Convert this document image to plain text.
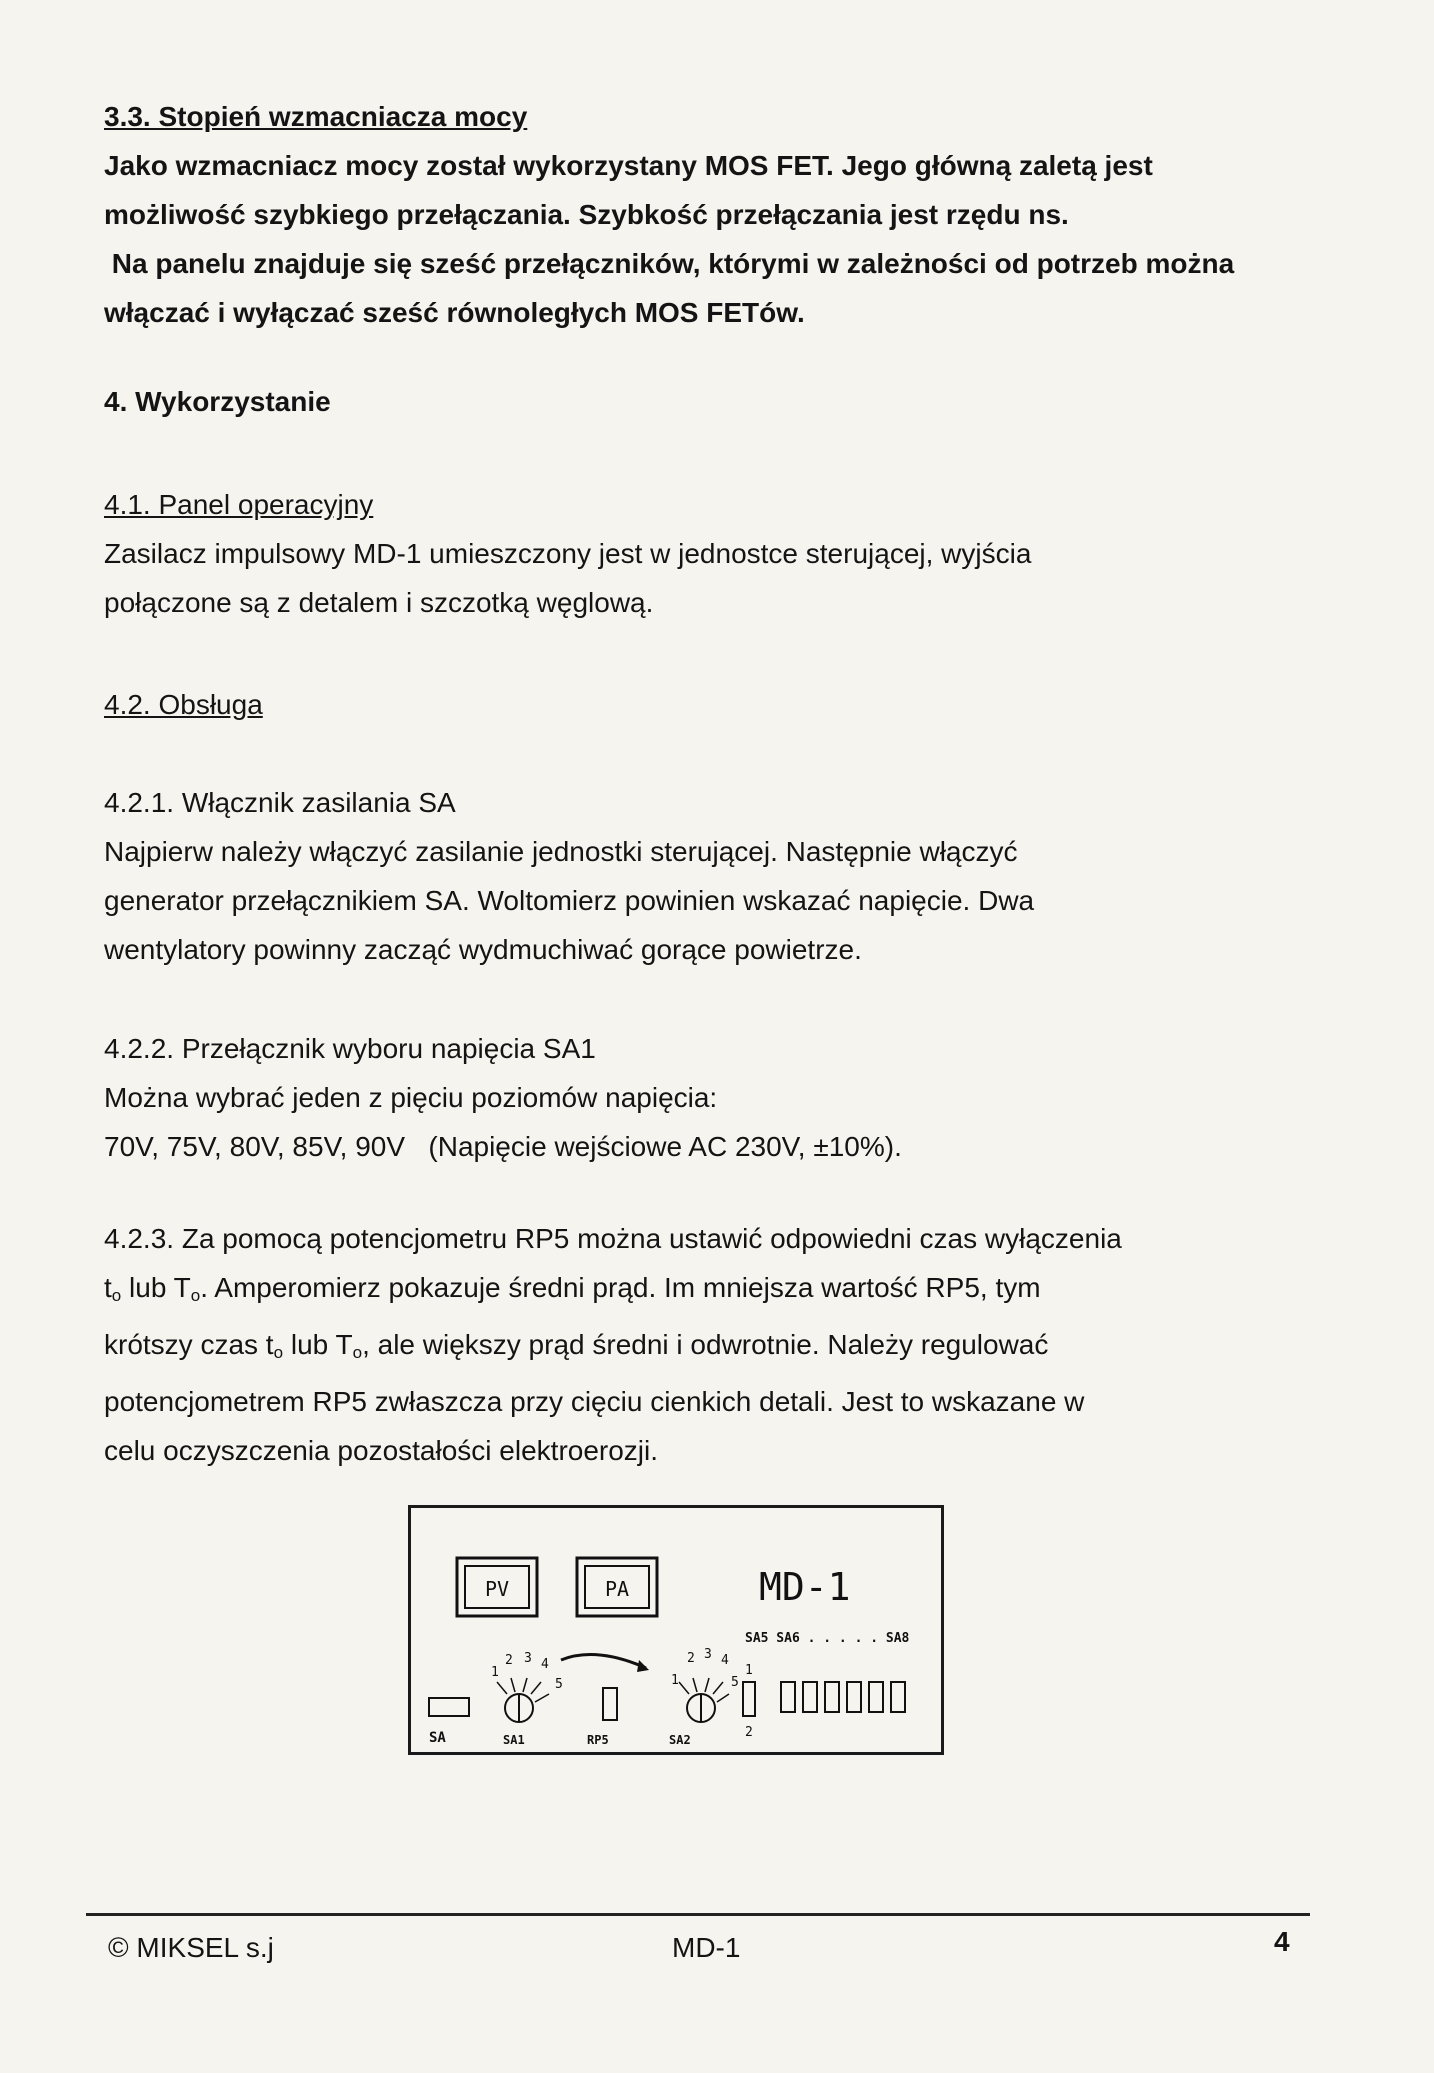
3.3. Stopień wzmacniacza mocy

Jako wzmacniacz mocy został wykorzystany MOS FET. Jego główną zaletą jest

możliwość szybkiego przełączania. Szybkość przełączania jest rzędu ns.

Na panelu znajduje się sześć przełączników, którymi w zależności od potrzeb można

włączać i wyłączać sześć równoległych MOS FETów.

4. Wykorzystanie
4.1. Panel operacyjny

Zasilacz impulsowy MD-1 umieszczony jest w jednostce sterującej, wyjścia

połączone są z detalem i szczotką węglową.

4.2. Obsługa

4.2.1. Włącznik zasilania SA

Najpierw należy włączyć zasilanie jednostki sterującej. Następnie włączyć

generator przełącznikiem SA. Woltomierz powinien wskazać napięcie. Dwa

wentylatory powinny zacząć wydmuchiwać gorące powietrze.

4.2.2. Przełącznik wyboru napięcia SA1

Można wybrać jeden z pięciu poziomów napięcia:

70V, 75V, 80V, 85V, 90V   (Napięcie wejściowe AC 230V, ±10%).

4.2.3. Za pomocą potencjometru RP5 można ustawić odpowiedni czas wyłączenia

$t_o$ lub $T_o$. Amperomierz pokazuje średni prąd. Im mniejsza wartość RP5, tym

krótszy czas $t_o$ lub $T_o$, ale większy prąd średni i odwrotnie. Należy regulować

potencjometrem RP5 zwłaszcza przy cięciu cienkich detali. Jest to wskazane w

celu oczyszczenia pozostałości elektroerozji.

PV	PA	MD-1
SA5 SA6 . . . . . SA8
1
2 3 4
5	1
2 3 4
5
1
2
SA	SA1	RP5	SA2
© MIKSEL s.j	MD-1	4
